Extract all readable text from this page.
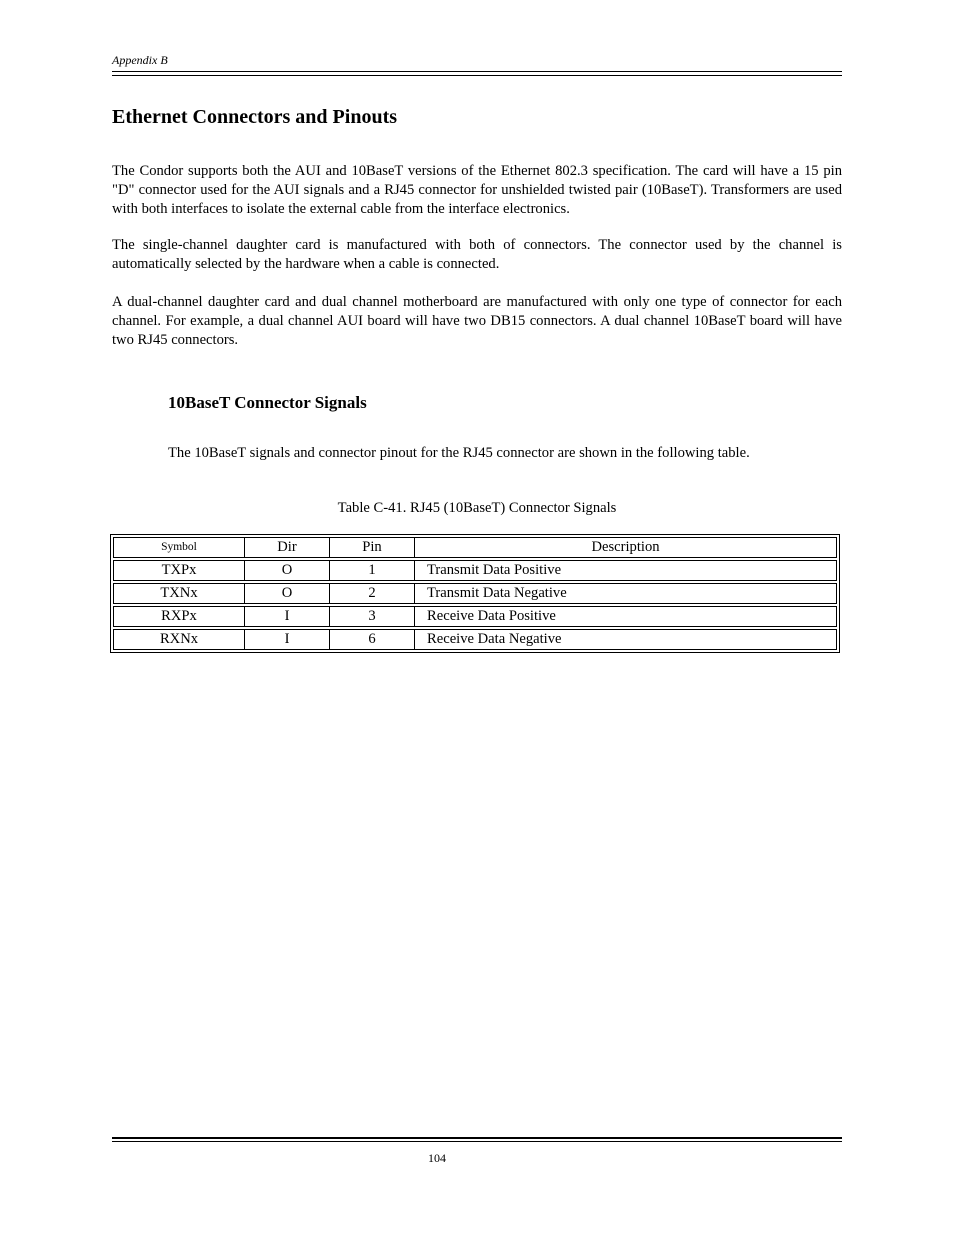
Appendix B
Ethernet Connectors and Pinouts

The Condor supports both the AUI and 10BaseT versions of the Ethernet 802.3 specification. The card will have a 15 pin "D" connector used for the AUI signals and a RJ45 connector for unshielded twisted pair (10BaseT). Transformers are used with both interfaces to isolate the external cable from the interface electronics.

The single-channel daughter card is manufactured with both of connectors. The connector used by the channel is automatically selected by the hardware when a cable is connected.

A dual-channel daughter card and dual channel motherboard are manufactured with only one type of connector for each channel. For example, a dual channel AUI board will have two DB15 connectors. A dual channel 10BaseT board will have two RJ45 connectors.

10BaseT Connector Signals

The 10BaseT signals and connector pinout for the RJ45 connector are shown in the following table.

Table C-41. RJ45 (10BaseT) Connector Signals

Symbol	Dir	Pin	Description
TXPx	O	1	Transmit Data Positive
TXNx	O	2	Transmit Data Negative
RXPx	I	3	Receive Data Positive
RXNx	I	6	Receive Data Negative
104
